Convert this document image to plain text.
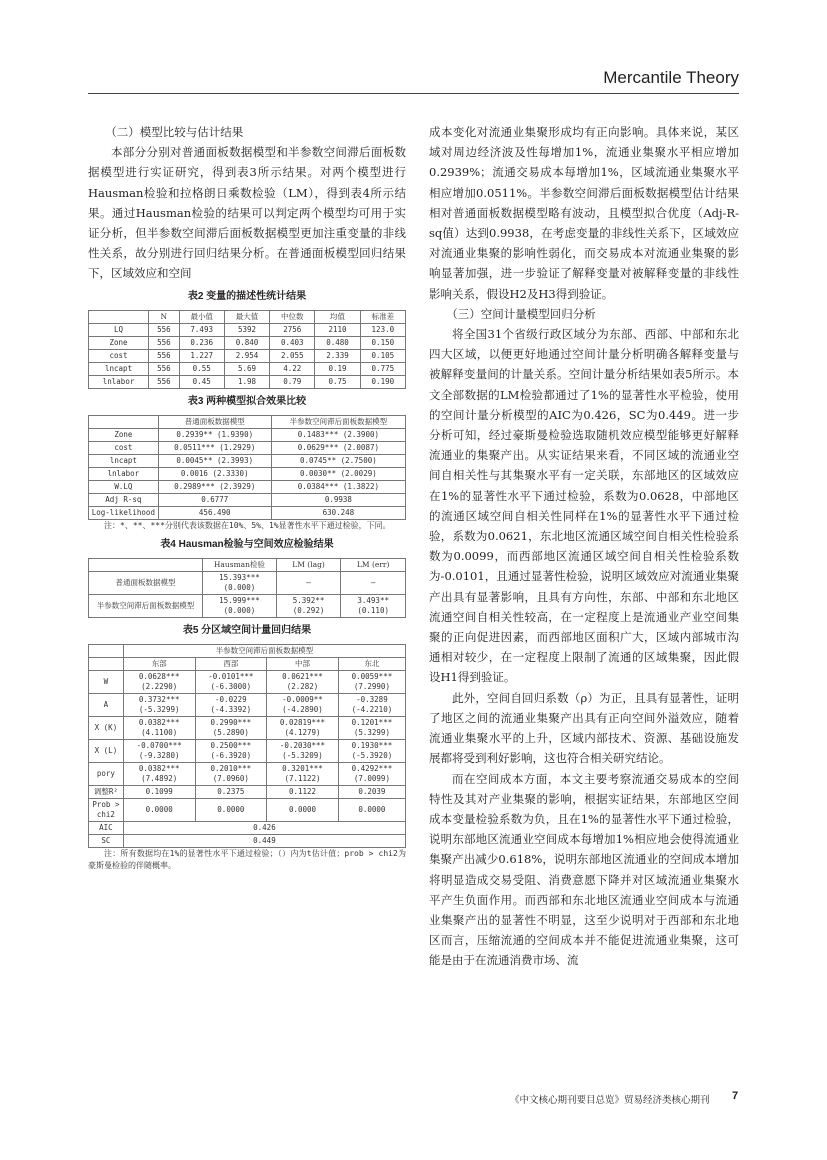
Mercantile Theory
（二）模型比较与估计结果

本部分分别对普通面板数据模型和半参数空间滞后面板数据模型进行实证研究，得到表3所示结果。对两个模型进行Hausman检验和拉格朗日乘数检验（LM），得到表4所示结果。通过Hausman检验的结果可以判定两个模型均可用于实证分析，但半参数空间滞后面板数据模型更加注重变量的非线性关系，故分别进行回归结果分析。在普通面板模型回归结果下，区域效应和空间

表2 变量的描述性统计结果
	N	最小值	最大值	中位数	均值	标准差
LQ	556	7.493	5392	2756	2110	123.0
Zone	556	0.236	0.840	0.403	0.480	0.150
cost	556	1.227	2.954	2.055	2.339	0.105
lncapt	556	0.55	5.69	4.22	0.19	0.775
lnlabor	556	0.45	1.98	0.79	0.75	0.190
表3 两种模型拟合效果比较
	普通面板数据模型	半参数空间滞后面板数据模型
Zone	0.2939** (1.9390)	0.1483*** (2.3900)
cost	0.0511*** (1.2929)	0.0629*** (2.0087)
lncapt	0.0045** (2.3993)	0.0745** (2.7500)
lnlabor	0.0016 (2.3330)	0.0030** (2.0029)
W.LQ	0.2989*** (2.3929)	0.0384*** (1.3822)
Adj R-sq	0.6777	0.9938
Log-likelihood	456.490	630.248

注：*、**、***分别代表该数据在10%、5%、1%显著性水平下通过检验，下同。

表4 Hausman检验与空间效应检验结果
	Hausman检验	LM (lag)	LM (err)
普通面板数据模型	15.393*** (0.000)	—	—
半参数空间滞后面板数据模型	15.999*** (0.000)	5.392** (0.292)	3.493** (0.110)
表5 分区域空间计量回归结果
	半参数空间滞后面板数据模型			
	东部	西部	中部	东北
W	0.0628*** (2.2290)	-0.0101*** (-6.3000)	0.0621*** (2.282)	0.0059*** (7.2990)
A	0.3732*** (-5.3299)	-0.0229 (-4.3392)	-0.0009** (-4.2890)	-0.3289 (-4.2210)
X (K)	0.0382*** (4.1100)	0.2990*** (5.2890)	0.02819*** (4.1279)	0.1201*** (5.3299)
X (L)	-0.0700*** (-9.3280)	0.2500*** (-6.3920)	-0.2030*** (-5.3209)	0.1930*** (-5.3920)
pory	0.0382*** (7.4892)	0.2010*** (7.0960)	0.3201*** (7.1122)	0.4292*** (7.0099)
调整R²	0.1099	0.2375	0.1122	0.2039
Prob > chi2	0.0000	0.0000	0.0000	0.0000
AIC	0.426			
SC	0.449			

注：所有数据均在1%的显著性水平下通过检验；（）内为t估计值；prob > chi2为豪斯曼检验的伴随概率。

成本变化对流通业集聚形成均有正向影响。具体来说，某区域对周边经济波及性每增加1%，流通业集聚水平相应增加0.2939%；流通交易成本每增加1%，区域流通业集聚水平相应增加0.0511%。半参数空间滞后面板数据模型估计结果相对普通面板数据模型略有波动，且模型拟合优度（Adj-R-sq值）达到0.9938，在考虑变量的非线性关系下，区域效应对流通业集聚的影响性弱化，而交易成本对流通业集聚的影响显著加强，进一步验证了解释变量对被解释变量的非线性影响关系，假设H2及H3得到验证。

（三）空间计量模型回归分析

将全国31个省级行政区域分为东部、西部、中部和东北四大区域，以便更好地通过空间计量分析明确各解释变量与被解释变量间的计量关系。空间计量分析结果如表5所示。本文全部数据的LM检验都通过了1%的显著性水平检验，使用的空间计量分析模型的AIC为0.426，SC为0.449。进一步分析可知，经过豪斯曼检验选取随机效应模型能够更好解释流通业的集聚产出。从实证结果来看，不同区域的流通业空间自相关性与其集聚水平有一定关联，东部地区的区域效应在1%的显著性水平下通过检验，系数为0.0628，中部地区的流通区域空间自相关性同样在1%的显著性水平下通过检验，系数为0.0621，东北地区流通区域空间自相关性检验系数为0.0099，而西部地区流通区域空间自相关性检验系数为-0.0101，且通过显著性检验，说明区域效应对流通业集聚产出具有显著影响，且具有方向性，东部、中部和东北地区流通空间自相关性较高，在一定程度上是流通业产业空间集聚的正向促进因素，而西部地区面积广大，区域内部城市沟通相对较少，在一定程度上限制了流通的区域集聚，因此假设H1得到验证。

此外，空间自回归系数（ρ）为正，且具有显著性，证明了地区之间的流通业集聚产出具有正向空间外溢效应，随着流通业集聚水平的上升，区域内部技术、资源、基础设施发展都将受到利好影响，这也符合相关研究结论。

而在空间成本方面，本文主要考察流通交易成本的空间特性及其对产业集聚的影响，根据实证结果，东部地区空间成本变量检验系数为负，且在1%的显著性水平下通过检验，说明东部地区流通业空间成本每增加1%相应地会使得流通业集聚产出减少0.618%，说明东部地区流通业的空间成本增加将明显造成交易受阻、消费意愿下降并对区域流通业集聚水平产生负面作用。而西部和东北地区流通业空间成本与流通业集聚产出的显著性不明显，这至少说明对于西部和东北地区而言，压缩流通的空间成本并不能促进流通业集聚，这可能是由于在流通消费市场、流

《中文核心期刊要目总览》贸易经济类核心期刊 7
